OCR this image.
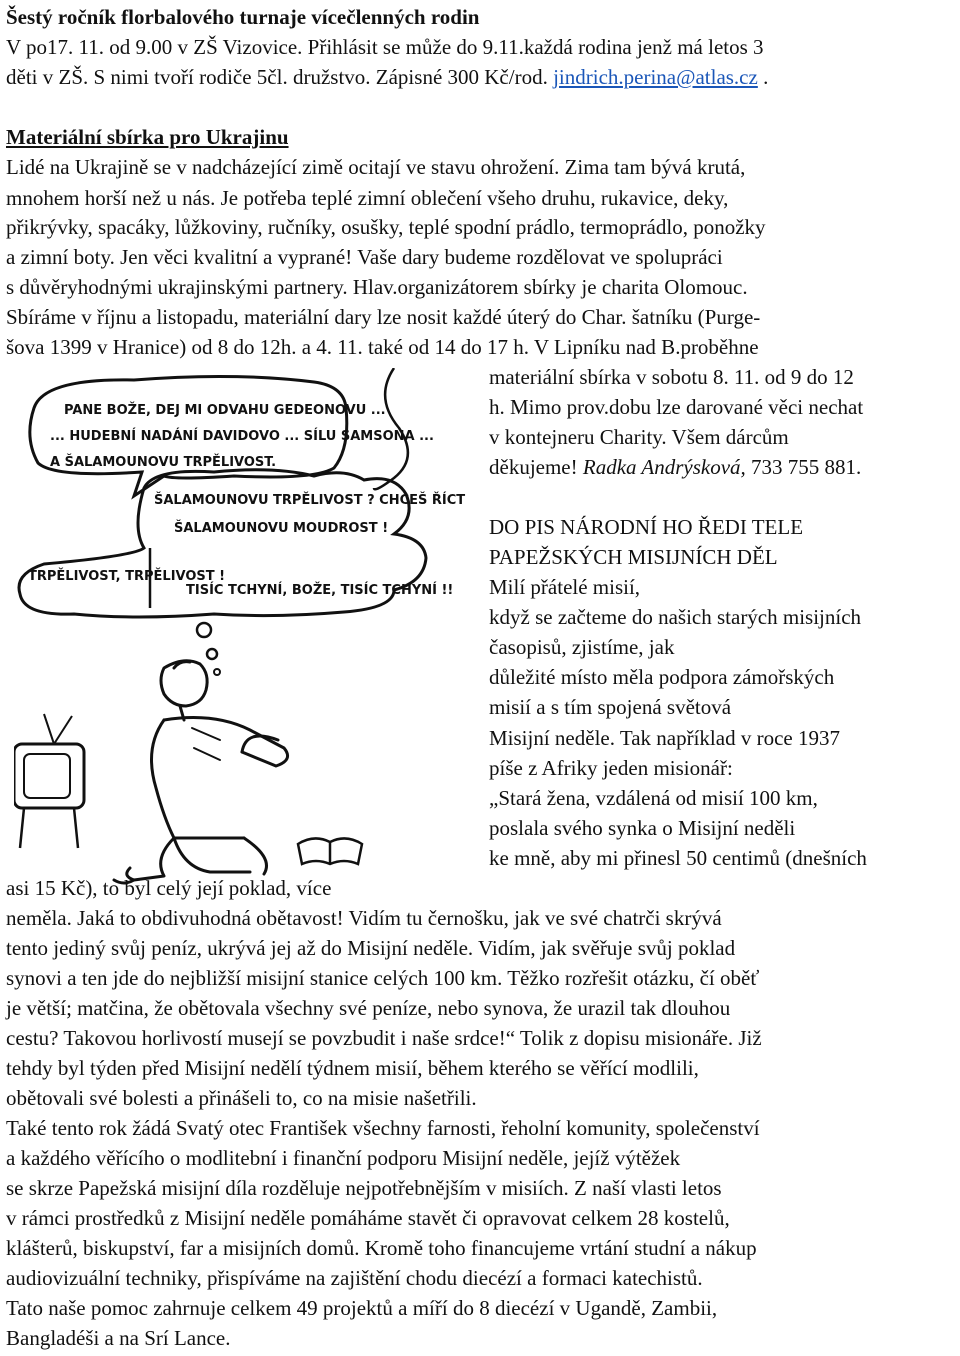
Šestý ročník florbalového turnaje vícečlenných rodin
V po17. 11. od 9.00 v ZŠ Vizovice. Přihlásit se může do 9.11.každá rodina jenž má letos 3
děti v ZŠ. S nimi tvoří rodiče 5čl. družstvo. Zápisné 300 Kč/rod. jindrich.perina@atlas.cz .
Materiální sbírka pro Ukrajinu
Lidé na Ukrajině se v nadcházející zimě ocitají ve stavu ohrožení. Zima tam bývá krutá,
mnohem horší než u nás. Je potřeba teplé zimní oblečení všeho druhu, rukavice, deky,
přikrývky, spacáky, lůžkoviny, ručníky, osušky, teplé spodní prádlo, termoprádlo, ponožky
a zimní boty. Jen věci kvalitní a vyprané! Vaše dary budeme rozdělovat ve spolupráci
s důvěryhodnými ukrajinskými partnery. Hlav.organizátorem sbírky je charita Olomouc.
Sbíráme v říjnu a listopadu, materiální dary lze nosit každé úterý do Char. šatníku (Purge-
šova 1399 v Hranice) od 8 do 12h. a 4. 11. také od 14 do 17 h. V Lipníku nad B.proběhne
materiální sbírka v sobotu 8. 11. od 9 do 12
h. Mimo prov.dobu lze darované věci nechat
v kontejneru Charity. Všem dárcům
děkujeme! Radka Andrýsková, 733 755 881.
PANE BOŽE, DEJ MI ODVAHU GEDEONOVU ...
... HUDEBNÍ NADÁNÍ DAVIDOVO ... SÍLU SAMSONA ...
A ŠALAMOUNOVU TRPĚLIVOST.
ŠALAMOUNOVU TRPĚLIVOST ? CHCEŠ ŘÍCT
ŠALAMOUNOVU MOUDROST !
TRPĚLIVOST, TRPĚLIVOST !
TISÍC TCHYNÍ, BOŽE, TISÍC TCHYNÍ !!
DO PIS NÁRODNÍ HO ŘEDI TELE
PAPEŽSKÝCH MISIJNÍCH DĚL
Milí přátelé misií,
když se začteme do našich starých misijních
časopisů, zjistíme, jak
důležité místo měla podpora zámořských
misií a s tím spojená světová
Misijní neděle. Tak například v roce 1937
píše z Afriky jeden misionář:
„Stará žena, vzdálená od misií 100 km,
poslala svého synka o Misijní neděli
ke mně, aby mi přinesl 50 centimů (dnešních
asi 15 Kč), to byl celý její poklad, více
neměla. Jaká to obdivuhodná obětavost! Vidím tu černošku, jak ve své chatrči skrývá
tento jediný svůj peníz, ukrývá jej až do Misijní neděle. Vidím, jak svěřuje svůj poklad
synovi a ten jde do nejbližší misijní stanice celých 100 km. Těžko rozřešit otázku, čí oběť
je větší; matčina, že obětovala všechny své peníze, nebo synova, že urazil tak dlouhou
cestu? Takovou horlivostí musejí se povzbudit i naše srdce!“ Tolik z dopisu misionáře. Již
tehdy byl týden před Misijní nedělí týdnem misií, během kterého se věřící modlili,
obětovali své bolesti a přinášeli to, co na misie našetřili.
Také tento rok žádá Svatý otec František všechny farnosti, řeholní komunity, společenství
a každého věřícího o modlitební i finanční podporu Misijní neděle, jejíž výtěžek
se skrze Papežská misijní díla rozděluje nejpotřebnějším v misiích. Z naší vlasti letos
v rámci prostředků z Misijní neděle pomáháme stavět či opravovat celkem 28 kostelů,
klášterů, biskupství, far a misijních domů. Kromě toho financujeme vrtání studní a nákup
audiovizuální techniky, přispíváme na zajištění chodu diecézí a formaci katechistů.
Tato naše pomoc zahrnuje celkem 49 projektů a míří do 8 diecézí v Ugandě, Zambii,
Bangladéši a na Srí Lance.
